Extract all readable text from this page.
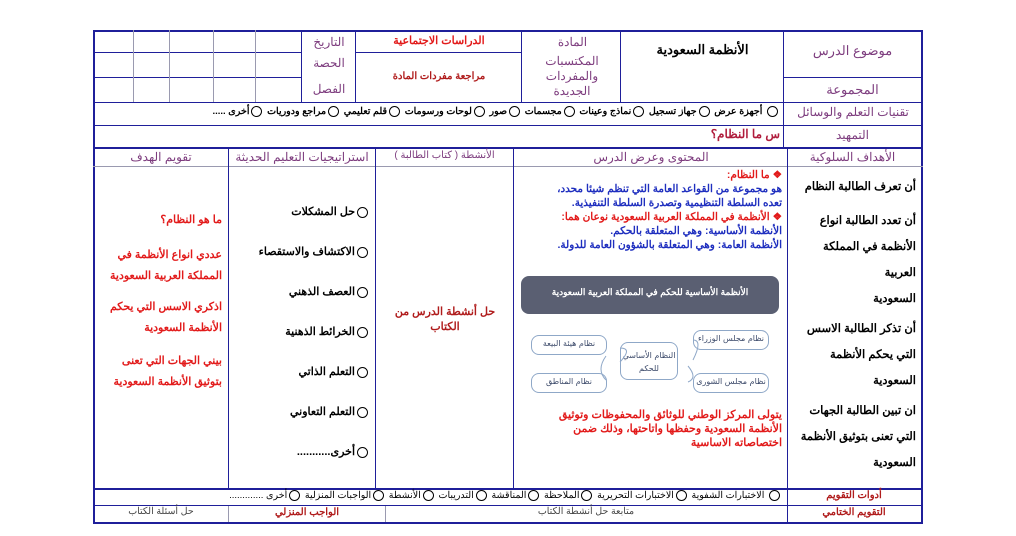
موضوع الدرس
الأنظمة السعودية
المادة
الدراسات الاجتماعية
التاريخ
الحصة
الفصل	المجموعة
المكتسبات والمفردات الجديدة
مراجعة مفردات المادة
تقنيات التعلم والوسائل
أجهزة عرض جهاز تسجيل نماذج وعينات مجسمات صور لوحات ورسومات قلم تعليمي مراجع ودوريات أخرى .....
التمهيد
س ما النظام؟
الأهداف السلوكية
المحتوى وعرض الدرس
الأنشطة ( كتاب الطالبة )
استراتيجيات التعليم الحديثة
تقويم الهدف
أن تعرف الطالبة النظام
أن تعدد الطالبة انواع
الأنظمة في المملكة العربية
السعودية
أن تذكر الطالبة الاسس
التي يحكم الأنظمة
السعودية
ان تبين الطالبة الجهات
التي تعنى بتوثيق الأنظمة
السعودية
❖ ما النظام:
هو مجموعة من القواعد العامة التي تنظم شيئا محدد،
تعده السلطة التنظيمية وتصدرة السلطة التنفيذية.
❖ الأنظمة في المملكة العربية السعودية نوعان هما:
الأنظمة الأساسية: وهي المتعلقة بالحكم.
الأنظمة العامة: وهي المتعلقة بالشؤون العامة للدولة.
الأنظمة الأساسية للحكم في المملكة العربية السعودية
النظام الأساسي للحكم
نظام مجلس الوزراء
نظام مجلس الشورى
نظام هيئة البيعة
نظام المناطق
يتولى المركز الوطني للوثائق والمحفوظات وتوثيق
الأنظمة السعودية وحفظها واتاحتها، وذلك ضمن
اختصاصاته الاساسية
حل أنشطة الدرس من الكتاب
حل المشكلات
الاكتشاف والاستقصاء
العصف الذهني
الخرائط الذهنية
التعلم الذاتي
التعلم التعاوني
أخرى...........
ما هو النظام؟
عددي انواع الأنظمة في
المملكة العربية السعودية
اذكري الاسس التي يحكم
الأنظمة السعودية
بيني الجهات التي تعنى
بتوثيق الأنظمة السعودية
أدوات التقويم
الاختبارات الشفوية الاختبارات التحريرية الملاحظة المناقشة التدريبات الأنشطة الواجبات المنزلية أخرى .............
التقويم الختامي
متابعة حل أنشطة الكتاب
الواجب المنزلي
حل أسئلة الكتاب
